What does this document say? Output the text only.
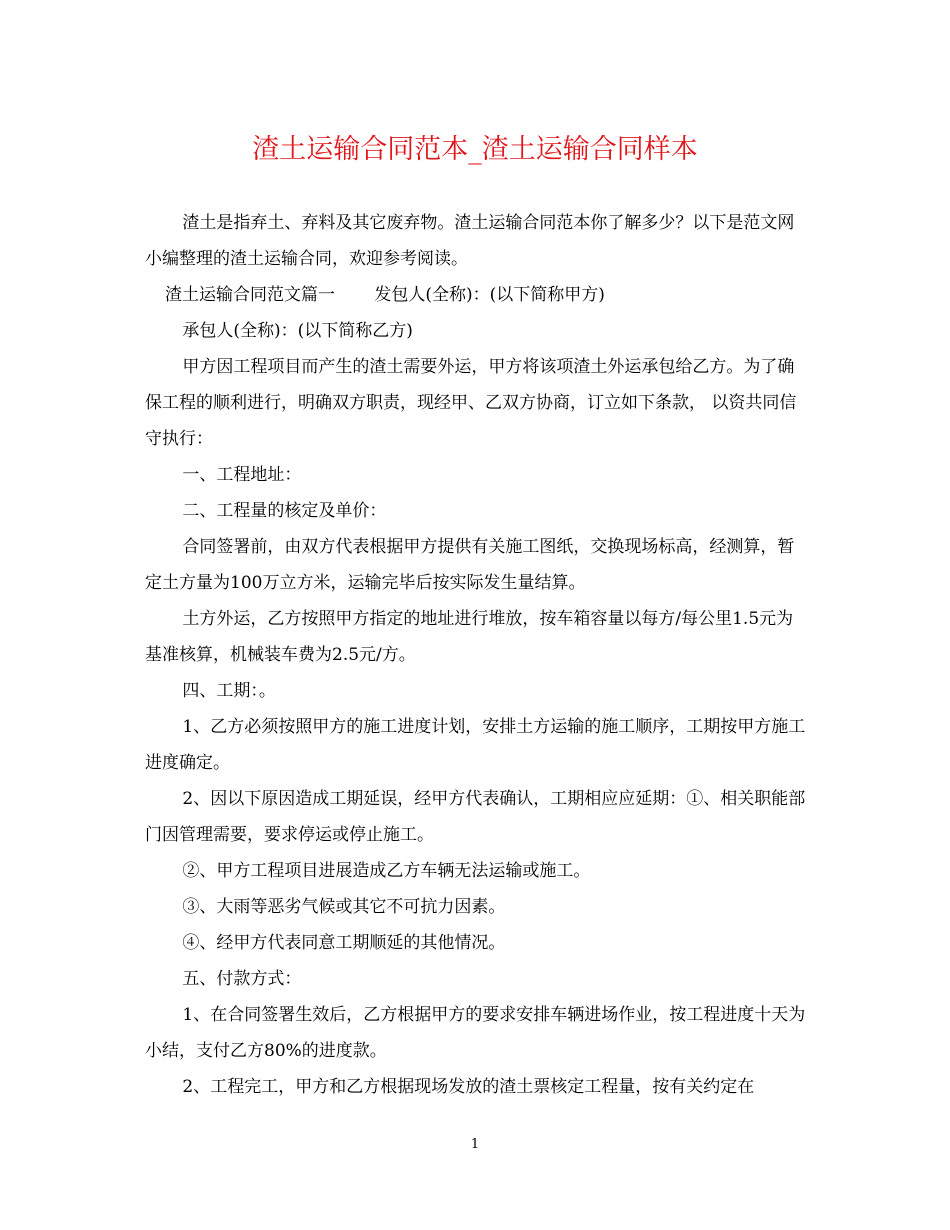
渣土运输合同范本_渣土运输合同样本

渣土是指弃土、弃料及其它废弃物。渣土运输合同范本你了解多少？以下是范文网小编整理的渣土运输合同，欢迎参考阅读。

渣土运输合同范文篇一　　 发包人(全称)：(以下简称甲方)

承包人(全称)：(以下简称乙方)

甲方因工程项目而产生的渣土需要外运，甲方将该项渣土外运承包给乙方。为了确保工程的顺利进行，明确双方职责，现经甲、乙双方协商，订立如下条款， 以资共同信守执行：

一、工程地址：

二、工程量的核定及单价：

合同签署前，由双方代表根据甲方提供有关施工图纸，交换现场标高，经测算，暂定土方量为100万立方米，运输完毕后按实际发生量结算。

土方外运，乙方按照甲方指定的地址进行堆放，按车箱容量以每方/每公里1.5元为基准核算，机械装车费为2.5元/方。

四、工期：。

1、乙方必须按照甲方的施工进度计划，安排土方运输的施工顺序，工期按甲方施工进度确定。

2、因以下原因造成工期延误，经甲方代表确认，工期相应应延期：①、相关职能部门因管理需要，要求停运或停止施工。

②、甲方工程项目进展造成乙方车辆无法运输或施工。

③、大雨等恶劣气候或其它不可抗力因素。

④、经甲方代表同意工期顺延的其他情况。

五、付款方式：

1、在合同签署生效后，乙方根据甲方的要求安排车辆进场作业，按工程进度十天为小结，支付乙方80%的进度款。

2、工程完工，甲方和乙方根据现场发放的渣土票核定工程量，按有关约定在

1
